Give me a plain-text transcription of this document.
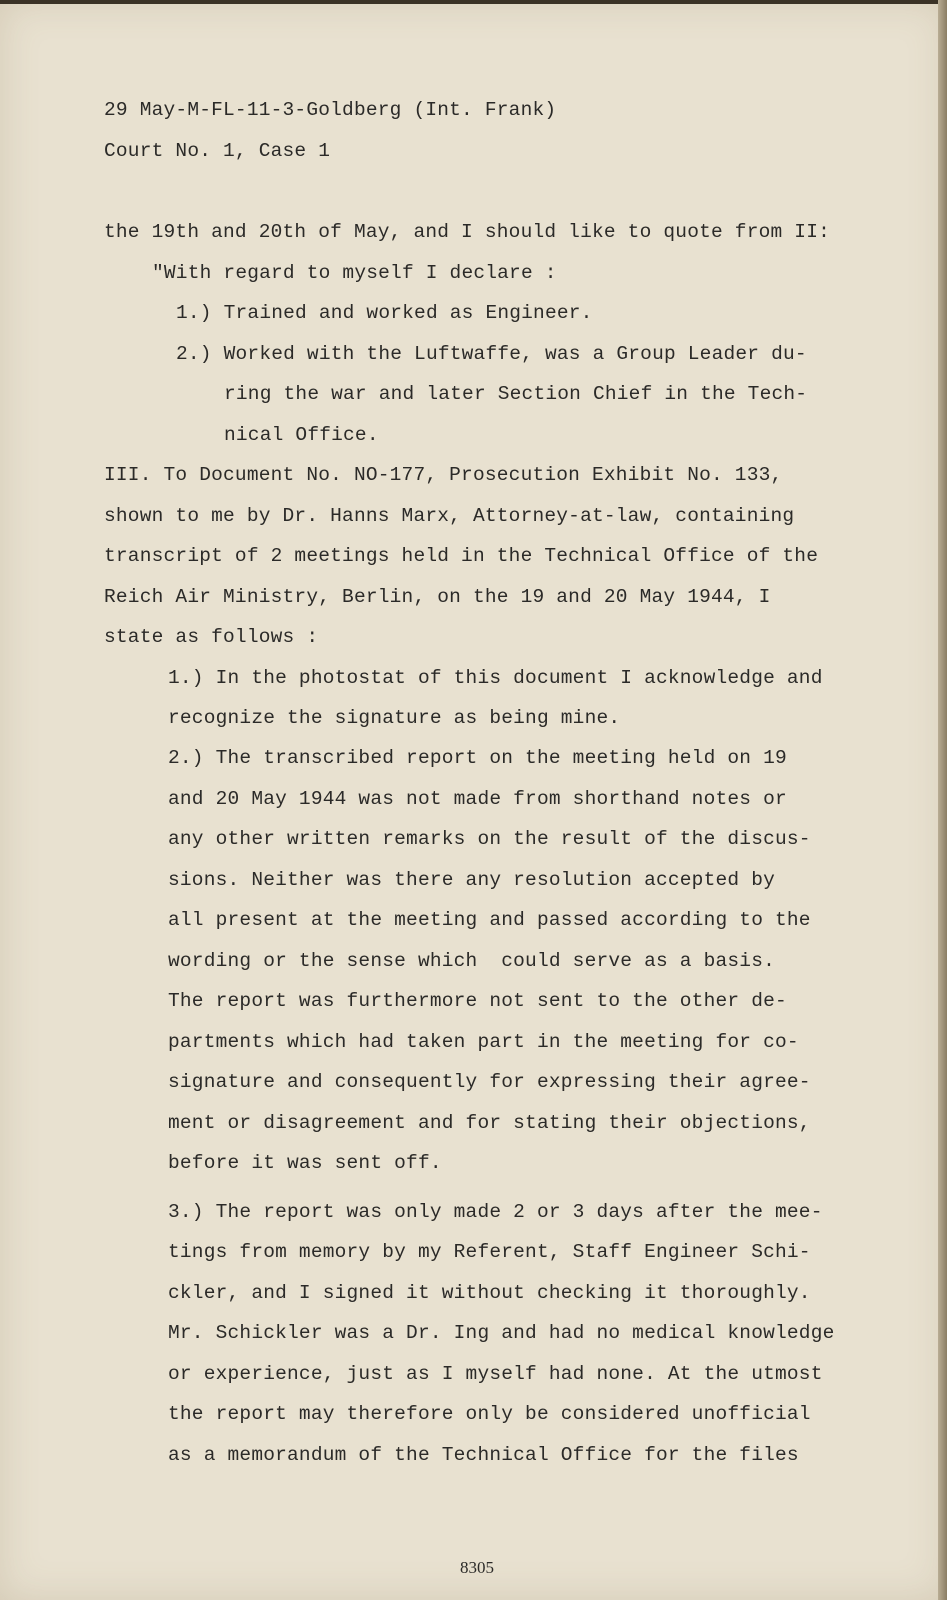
29 May-M-FL-11-3-Goldberg (Int. Frank)
Court No. 1, Case 1
the 19th and 20th of May, and I should like to quote from II:
"With regard to myself I declare :
1.) Trained and worked as Engineer.
2.) Worked with the Luftwaffe, was a Group Leader du-
ring the war and later Section Chief in the Tech-
nical Office.
III. To Document No. NO-177, Prosecution Exhibit No. 133,
shown to me by Dr. Hanns Marx, Attorney-at-law, containing
transcript of 2 meetings held in the Technical Office of the
Reich Air Ministry, Berlin, on the 19 and 20 May 1944, I
state as follows :
1.) In the photostat of this document I acknowledge and
recognize the signature as being mine.
2.) The transcribed report on the meeting held on 19
and 20 May 1944 was not made from shorthand notes or
any other written remarks on the result of the discus-
sions. Neither was there any resolution accepted by
all present at the meeting and passed according to the
wording or the sense which  could serve as a basis.
The report was furthermore not sent to the other de-
partments which had taken part in the meeting for co-
signature and consequently for expressing their agree-
ment or disagreement and for stating their objections,
before it was sent off.
3.) The report was only made 2 or 3 days after the mee-
tings from memory by my Referent, Staff Engineer Schi-
ckler, and I signed it without checking it thoroughly.
Mr. Schickler was a Dr. Ing and had no medical knowledge
or experience, just as I myself had none. At the utmost
the report may therefore only be considered unofficial
as a memorandum of the Technical Office for the files
8305
